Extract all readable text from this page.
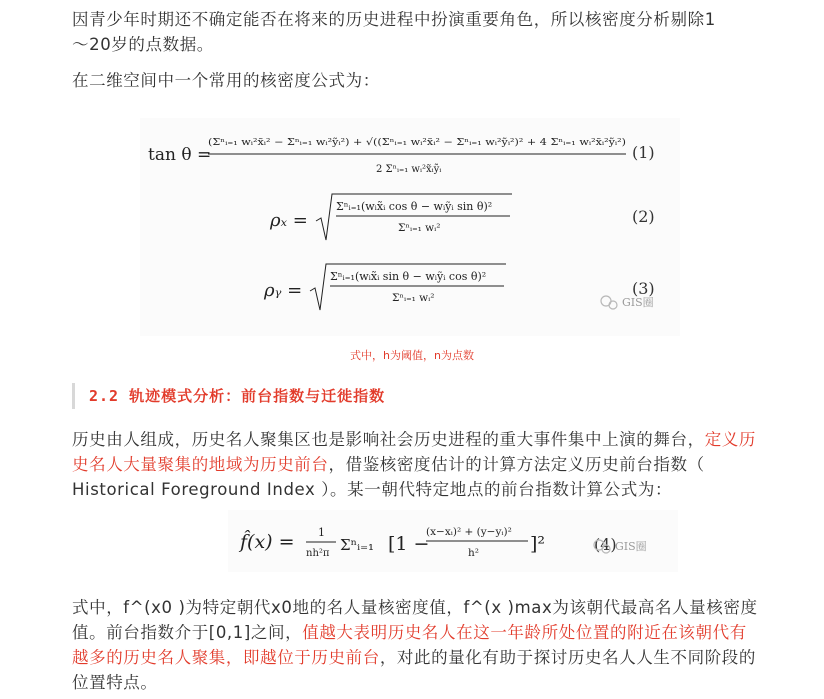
因青少年时期还不确定能否在将来的历史进程中扮演重要角色，所以核密度分析剔除1
～20岁的点数据。

在二维空间中一个常用的核密度公式为：

tan θ =
(Σⁿᵢ₌₁ wᵢ²x̃ᵢ² − Σⁿᵢ₌₁ wᵢ²ỹᵢ²) + √((Σⁿᵢ₌₁ wᵢ²x̃ᵢ² − Σⁿᵢ₌₁ wᵢ²ỹᵢ²)² + 4 Σⁿᵢ₌₁ wᵢ²x̃ᵢ²ỹᵢ²)
2 Σⁿᵢ₌₁ wᵢ²x̃ᵢỹᵢ
(1)
ρₓ =
Σⁿᵢ₌₁(wᵢx̃ᵢ cos θ − wᵢỹᵢ sin θ)²
Σⁿᵢ₌₁ wᵢ²
(2)
ρᵧ =
Σⁿᵢ₌₁(wᵢx̃ᵢ sin θ − wᵢỹᵢ cos θ)²
Σⁿᵢ₌₁ wᵢ²	(3)
GIS圈

式中，h为阈值，n为点数

2.2 轨迹模式分析：前台指数与迁徙指数

历史由人组成，历史名人聚集区也是影响社会历史进程的重大事件集中上演的舞台，定义历史名人大量聚集的地域为历史前台，借鉴核密度估计的计算方法定义历史前台指数（ Historical Foreground Index ）。某一朝代特定地点的前台指数计算公式为：

f̂(x) = 1
nh²π Σⁿᵢ₌₁ [1 −
(x−xᵢ)² + (y−yᵢ)²
h²	]²	(4)
GIS圈

式中，f^(x0 )为特定朝代x0地的名人量核密度值，f^(x )max为该朝代最高名人量核密度值。前台指数介于[0,1]之间，值越大表明历史名人在这一年龄所处位置的附近在该朝代有越多的历史名人聚集，即越位于历史前台，对此的量化有助于探讨历史名人人生不同阶段的位置特点。
